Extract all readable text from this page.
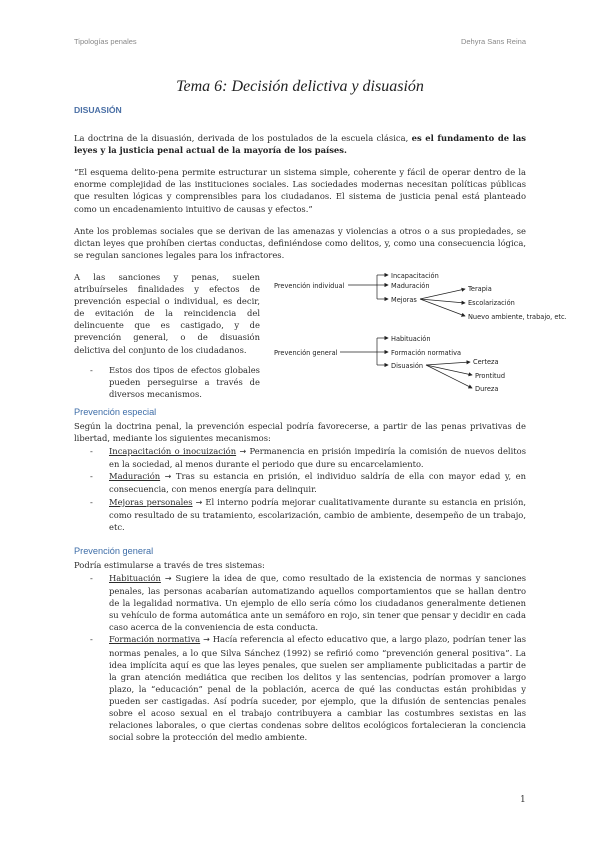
Tipologías penales	Dehyra Sans Reina
Tema 6: Decisión delictiva y disuasión
DISUASIÓN

La doctrina de la disuasión, derivada de los postulados de la escuela clásica, es el fundamento de las leyes y la justicia penal actual de la mayoría de los países.

“El esquema delito-pena permite estructurar un sistema simple, coherente y fácil de operar dentro de la enorme complejidad de las instituciones sociales. Las sociedades modernas necesitan políticas públicas que resulten lógicas y comprensibles para los ciudadanos. El sistema de justicia penal está planteado como un encadenamiento intuitivo de causas y efectos.”

Ante los problemas sociales que se derivan de las amenazas y violencias a otros o a sus propiedades, se dictan leyes que prohíben ciertas conductas, definiéndose como delitos, y, como una consecuencia lógica, se regulan sanciones legales para los infractores.

A las sanciones y penas, suelen atribuírseles finalidades y efectos de prevención especial o individual, es decir, de evitación de la reincidencia del delincuente que es castigado, y de prevención general, o de disuasión delictiva del conjunto de los ciudadanos.

- Estos dos tipos de efectos globales pueden perseguirse a través de diversos mecanismos.
Prevención individual
Incapacitación
Maduración
Mejoras
Terapia
Escolarización
Nuevo ambiente, trabajo, etc.
Prevención general
Habituación
Formación normativa
Disuasión	Certeza
Prontitud
Dureza
Prevención especial

Según la doctrina penal, la prevención especial podría favorecerse, a partir de las penas privativas de libertad, mediante los siguientes mecanismos:

- Incapacitación o inocuización → Permanencia en prisión impediría la comisión de nuevos delitos en la sociedad, al menos durante el periodo que dure su encarcelamiento.
- Maduración → Tras su estancia en prisión, el individuo saldría de ella con mayor edad y, en consecuencia, con menos energía para delinquir.
- Mejoras personales → El interno podría mejorar cualitativamente durante su estancia en prisión, como resultado de su tratamiento, escolarización, cambio de ambiente, desempeño de un trabajo, etc.
Prevención general

Podría estimularse a través de tres sistemas:

- Habituación → Sugiere la idea de que, como resultado de la existencia de normas y sanciones penales, las personas acabarían automatizando aquellos comportamientos que se hallan dentro de la legalidad normativa. Un ejemplo de ello sería cómo los ciudadanos generalmente detienen su vehículo de forma automática ante un semáforo en rojo, sin tener que pensar y decidir en cada caso acerca de la conveniencia de esta conducta.
- Formación normativa → Hacía referencia al efecto educativo que, a largo plazo, podrían tener las normas penales, a lo que Silva Sánchez (1992) se refirió como “prevención general positiva”. La idea implícita aquí es que las leyes penales, que suelen ser ampliamente publicitadas a partir de la gran atención mediática que reciben los delitos y las sentencias, podrían promover a largo plazo, la “educación” penal de la población, acerca de qué las conductas están prohibidas y pueden ser castigadas. Así podría suceder, por ejemplo, que la difusión de sentencias penales sobre el acoso sexual en el trabajo contribuyera a cambiar las costumbres sexistas en las relaciones laborales, o que ciertas condenas sobre delitos ecológicos fortalecieran la conciencia social sobre la protección del medio ambiente.
1
